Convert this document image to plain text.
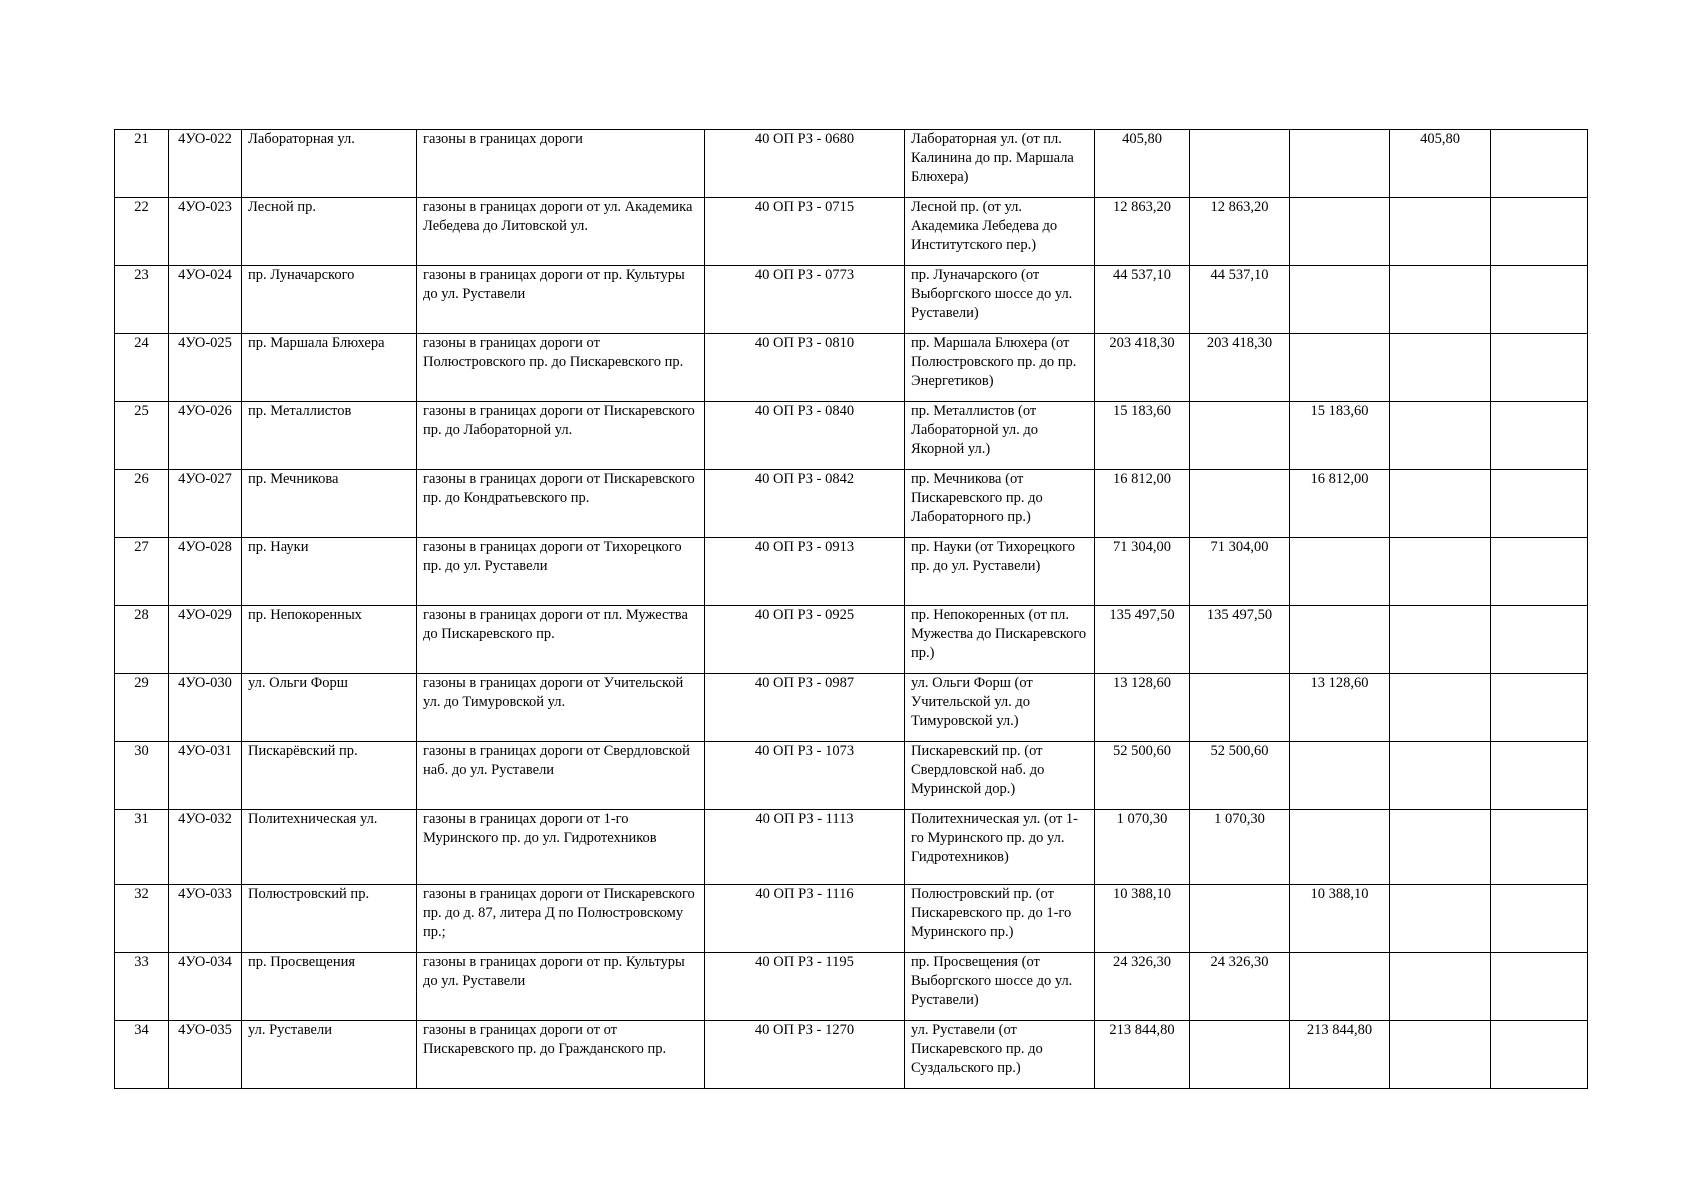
21	4УО-022	Лабораторная ул.	газоны в границах дороги	40 ОП РЗ - 0680	Лабораторная ул. (от пл. Калинина до пр. Маршала Блюхера)	405,80			405,80	
22	4УО-023	Лесной пр.	газоны в границах дороги от ул. Академика Лебедева до Литовской ул.	40 ОП РЗ - 0715	Лесной пр. (от ул. Академика Лебедева до Институтского пер.)	12 863,20	12 863,20			
23	4УО-024	пр. Луначарского	газоны в границах дороги от пр. Культуры до ул. Руставели	40 ОП РЗ - 0773	пр. Луначарского (от Выборгского шоссе до ул. Руставели)	44 537,10	44 537,10			
24	4УО-025	пр. Маршала Блюхера	газоны в границах дороги от Полюстровского пр. до Пискаревского пр.	40 ОП РЗ - 0810	пр. Маршала Блюхера (от Полюстровского пр. до пр. Энергетиков)	203 418,30	203 418,30			
25	4УО-026	пр. Металлистов	газоны в границах дороги от Пискаревского пр. до Лабораторной ул.	40 ОП РЗ - 0840	пр. Металлистов (от Лабораторной ул. до Якорной ул.)	15 183,60		15 183,60		
26	4УО-027	пр. Мечникова	газоны в границах дороги от Пискаревского пр. до Кондратьевского пр.	40 ОП РЗ - 0842	пр. Мечникова (от Пискаревского пр. до Лабораторного пр.)	16 812,00		16 812,00		
27	4УО-028	пр. Науки	газоны в границах дороги от Тихорецкого пр. до ул. Руставели	40 ОП РЗ - 0913	пр. Науки (от Тихорецкого пр. до ул. Руставели)	71 304,00	71 304,00			
28	4УО-029	пр. Непокоренных	газоны в границах дороги от пл. Мужества до Пискаревского пр.	40 ОП РЗ - 0925	пр. Непокоренных (от пл. Мужества до Пискаревского пр.)	135 497,50	135 497,50			
29	4УО-030	ул. Ольги Форш	газоны в границах дороги от Учительской ул. до Тимуровской ул.	40 ОП РЗ - 0987	ул. Ольги Форш (от Учительской ул. до Тимуровской ул.)	13 128,60		13 128,60		
30	4УО-031	Пискарёвский пр.	газоны в границах дороги от Свердловской наб. до ул. Руставели	40 ОП РЗ - 1073	Пискаревский пр. (от Свердловской наб. до Муринской дор.)	52 500,60	52 500,60			
31	4УО-032	Политехническая ул.	газоны в границах дороги от 1-го Муринского пр. до ул. Гидротехников	40 ОП РЗ - 1113	Политехническая ул. (от 1-го Муринского пр. до ул. Гидротехников)	1 070,30	1 070,30			
32	4УО-033	Полюстровский пр.	газоны в границах дороги от Пискаревского пр. до д. 87, литера Д по Полюстровскому пр.;	40 ОП РЗ - 1116	Полюстровский пр. (от Пискаревского пр. до 1-го Муринского пр.)	10 388,10		10 388,10		
33	4УО-034	пр. Просвещения	газоны в границах дороги от пр. Культуры до ул. Руставели	40 ОП РЗ - 1195	пр. Просвещения (от Выборгского шоссе до ул. Руставели)	24 326,30	24 326,30			
34	4УО-035	ул. Руставели	газоны в границах дороги от от Пискаревского пр. до Гражданского пр.	40 ОП РЗ - 1270	ул. Руставели (от Пискаревского пр. до Суздальского пр.)	213 844,80		213 844,80		
